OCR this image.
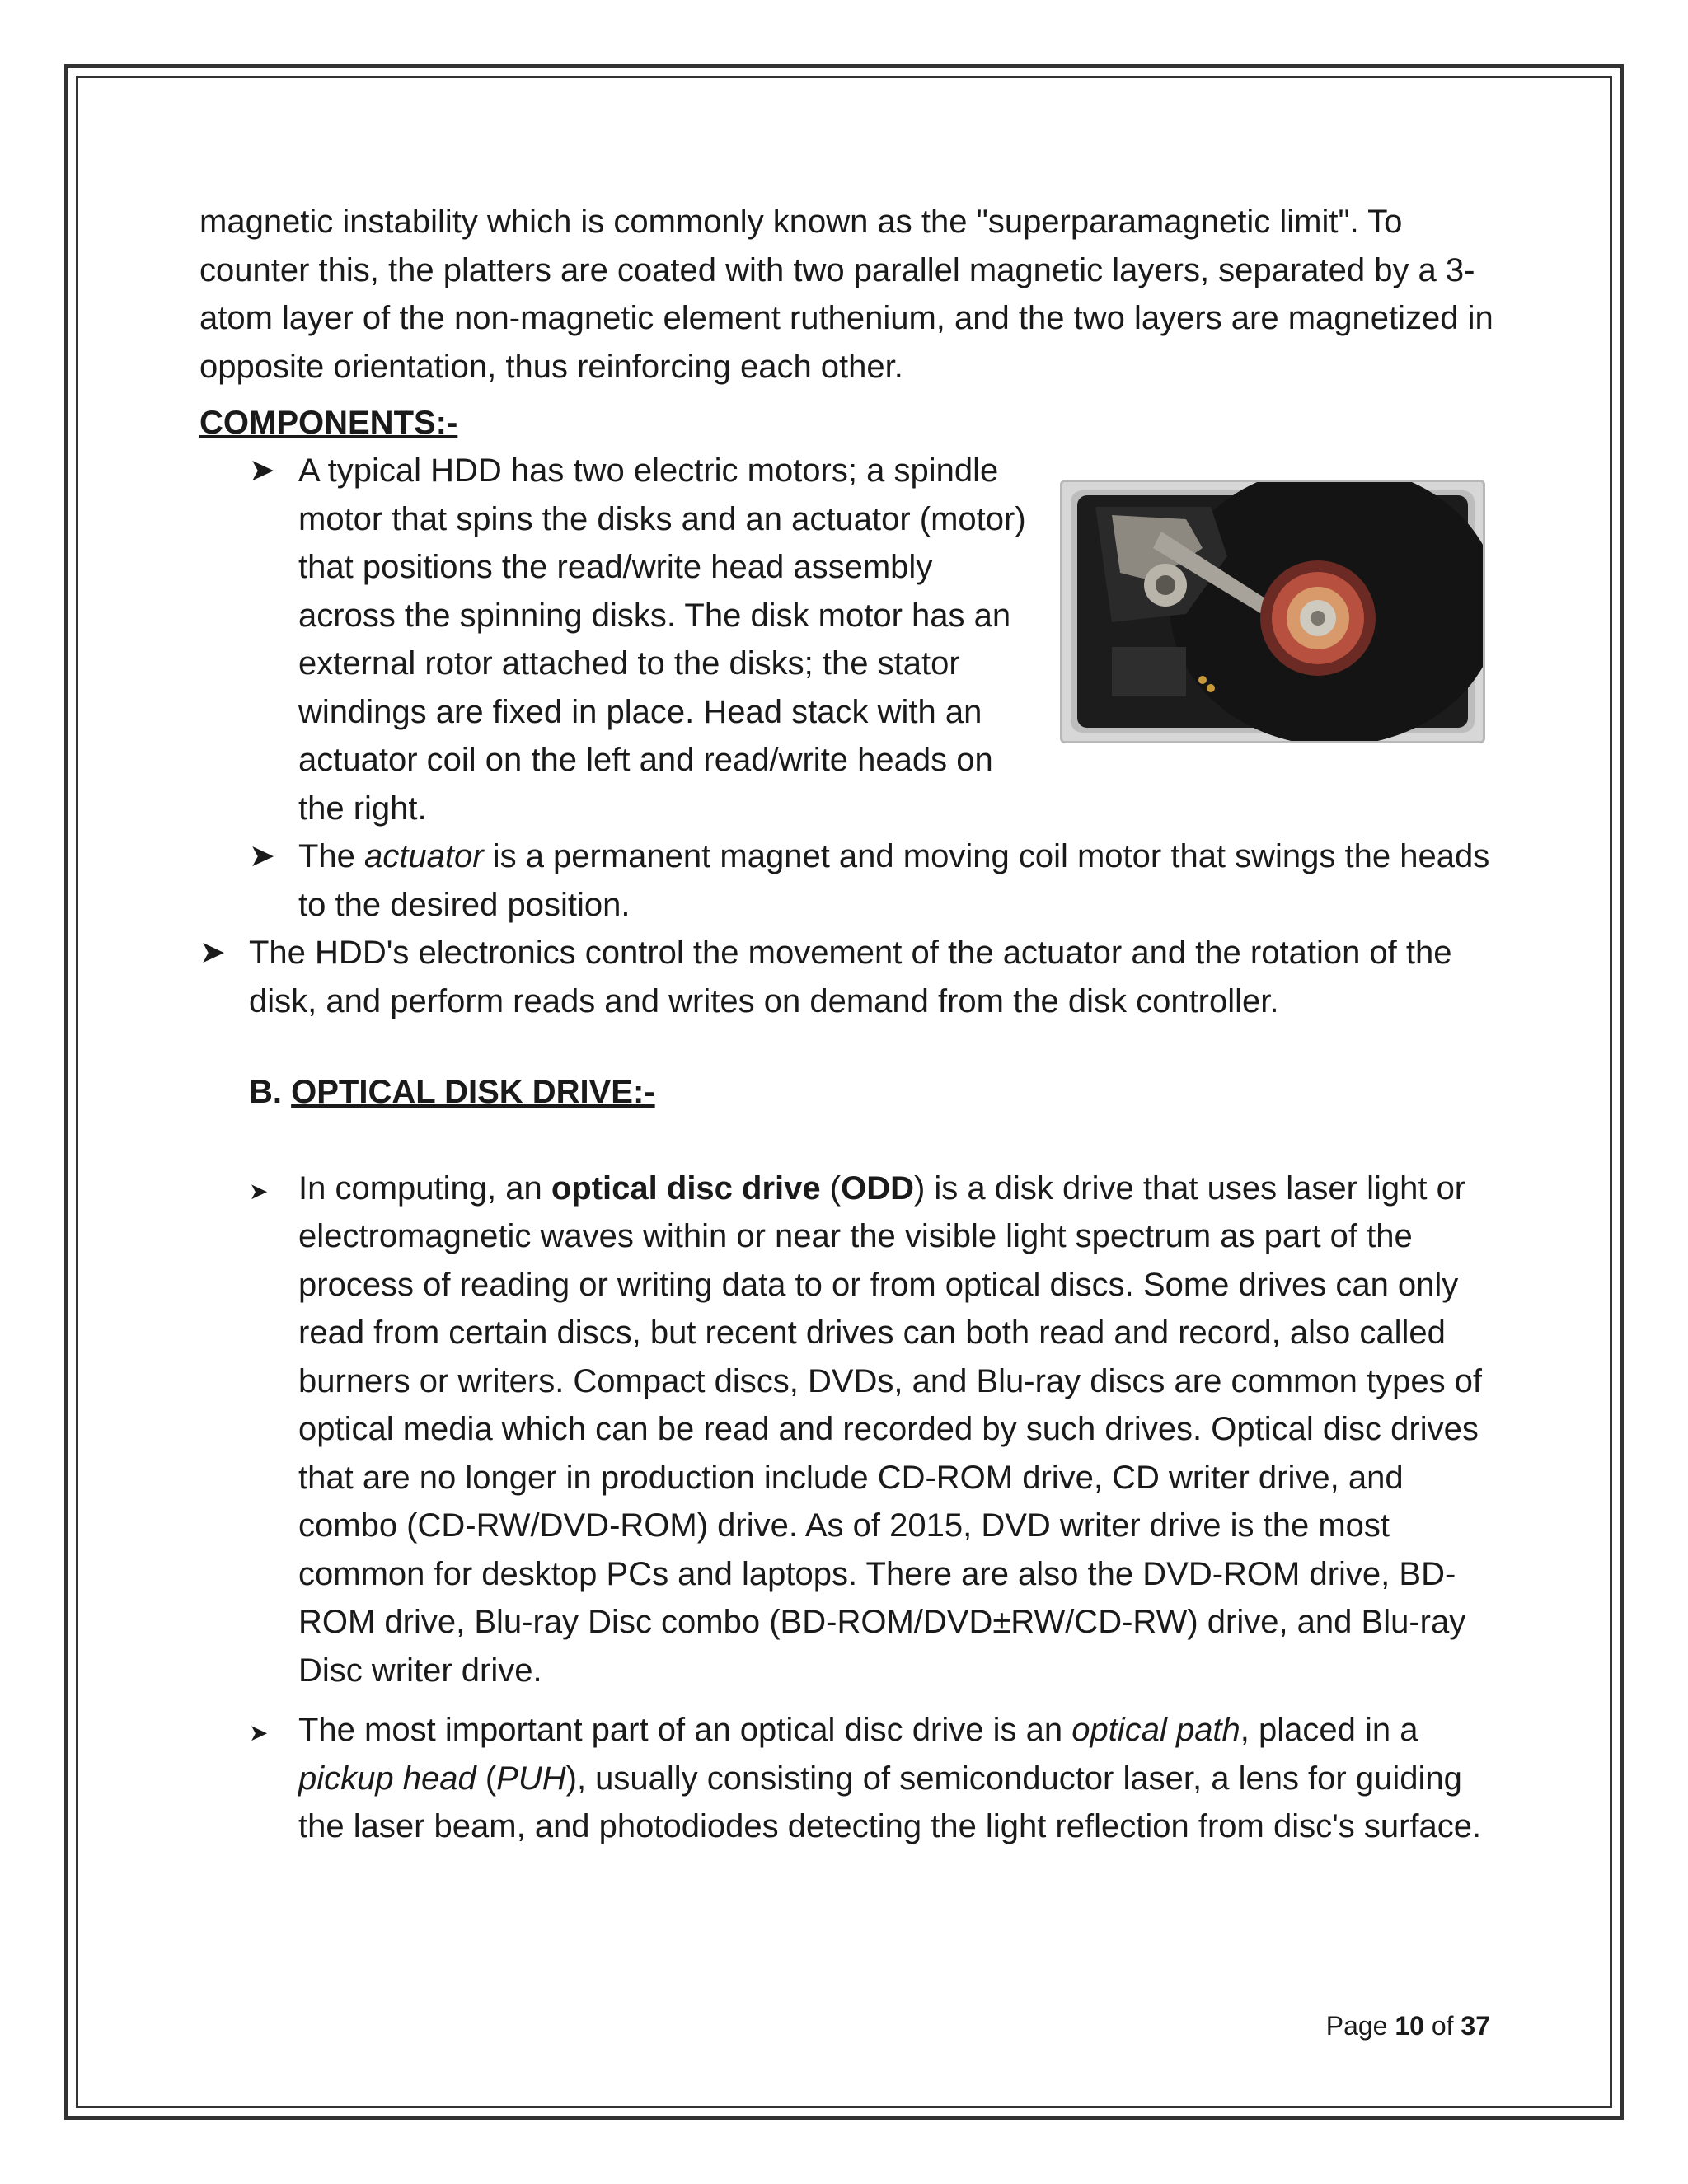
magnetic instability which is commonly known as the "superparamagnetic limit". To counter this, the platters are coated with two parallel magnetic layers, separated by a 3-atom layer of the non-magnetic element ruthenium, and the two layers are magnetized in opposite orientation, thus reinforcing each other.

COMPONENTS:-
➤ A typical HDD has two electric motors; a spindle motor that spins the disks and an actuator (motor) that positions the read/write head assembly across the spinning disks. The disk motor has an external rotor attached to the disks; the stator windings are fixed in place. Head stack with an actuator coil on the left and read/write heads on the right.
➤ The actuator is a permanent magnet and moving coil motor that swings the heads to the desired position.
➤ The HDD's electronics control the movement of the actuator and the rotation of the disk, and perform reads and writes on demand from the disk controller.
B. OPTICAL DISK DRIVE:-
➤ In computing, an optical disc drive (ODD) is a disk drive that uses laser light or electromagnetic waves within or near the visible light spectrum as part of the process of reading or writing data to or from optical discs. Some drives can only read from certain discs, but recent drives can both read and record, also called burners or writers. Compact discs, DVDs, and Blu-ray discs are common types of optical media which can be read and recorded by such drives. Optical disc drives that are no longer in production include CD-ROM drive, CD writer drive, and combo (CD-RW/DVD-ROM) drive. As of 2015, DVD writer drive is the most common for desktop PCs and laptops. There are also the DVD-ROM drive, BD-ROM drive, Blu-ray Disc combo (BD-ROM/DVD±RW/CD-RW) drive, and Blu-ray Disc writer drive.
➤ The most important part of an optical disc drive is an optical path, placed in a pickup head (PUH), usually consisting of semiconductor laser, a lens for guiding the laser beam, and photodiodes detecting the light reflection from disc's surface.
Page 10 of 37
